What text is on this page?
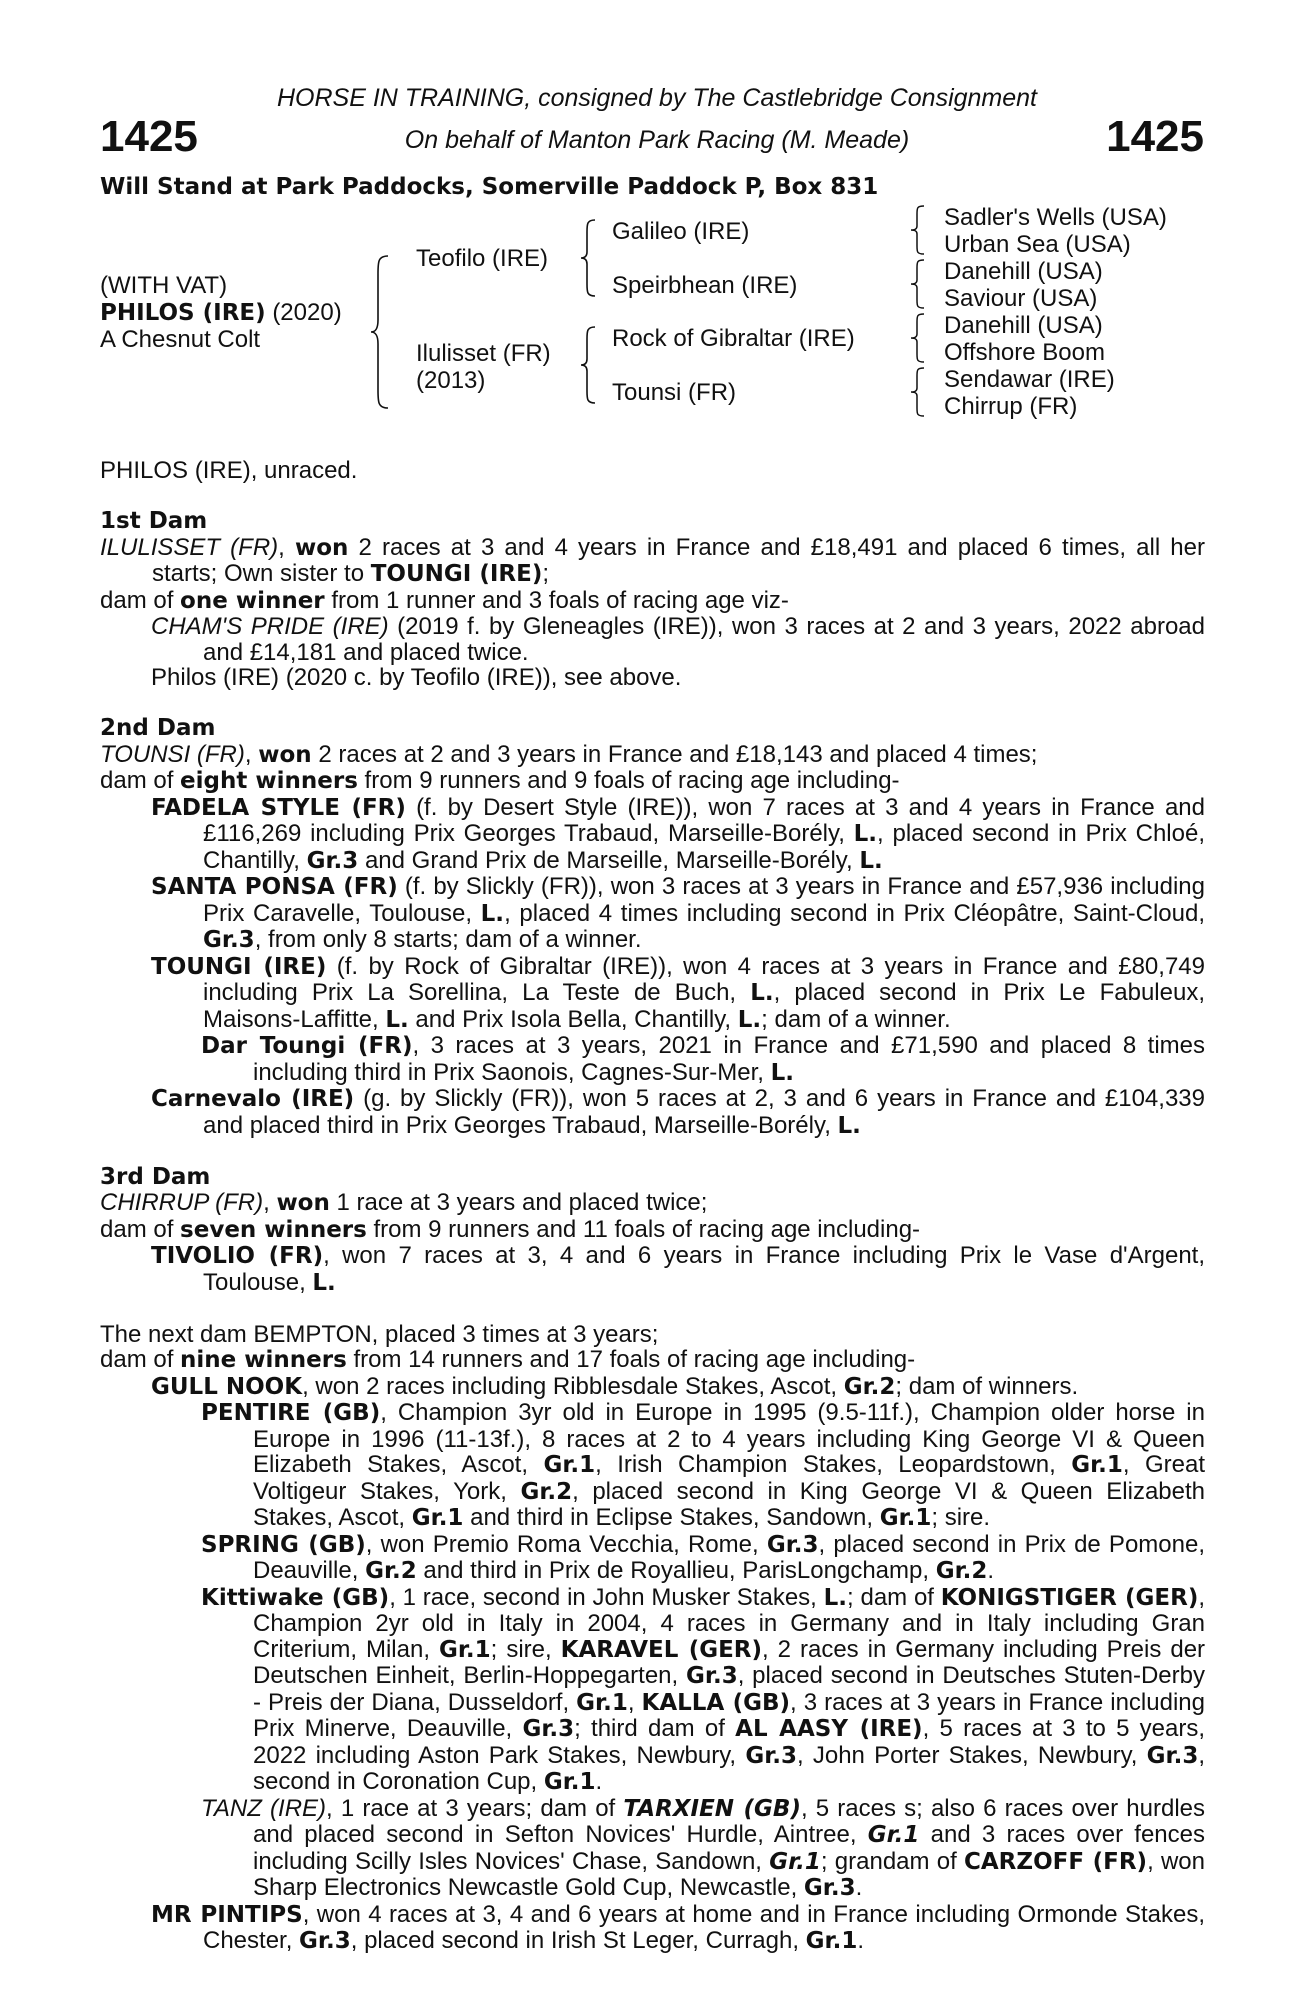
HORSE IN TRAINING, consigned by The Castlebridge Consignment
On behalf of Manton Park Racing (M. Meade)
1425	1425
Will Stand at Park Paddocks, Somerville Paddock P, Box 831
(WITH VAT)
PHILOS (IRE) (2020)
A Chesnut Colt
Teofilo (IRE)
Ilulisset (FR)
(2013)
Galileo (IRE)
Speirbhean (IRE)
Rock of Gibraltar (IRE)
Tounsi (FR)
Sadler's Wells (USA)
Urban Sea (USA)
Danehill (USA)
Saviour (USA)
Danehill (USA)
Offshore Boom
Sendawar (IRE)
Chirrup (FR)

PHILOS (IRE), unraced.

1st Dam

ILULISSET (FR), won 2 races at 3 and 4 years in France and £18,491 and placed 6 times, all her starts; Own sister to TOUNGI (IRE);

dam of one winner from 1 runner and 3 foals of racing age viz-

CHAM'S PRIDE (IRE) (2019 f. by Gleneagles (IRE)), won 3 races at 2 and 3 years, 2022 abroad and £14,181 and placed twice.

Philos (IRE) (2020 c. by Teofilo (IRE)), see above.

2nd Dam

TOUNSI (FR), won 2 races at 2 and 3 years in France and £18,143 and placed 4 times;

dam of eight winners from 9 runners and 9 foals of racing age including-

FADELA STYLE (FR) (f. by Desert Style (IRE)), won 7 races at 3 and 4 years in France and £116,269 including Prix Georges Trabaud, Marseille-Borély, L., placed second in Prix Chloé, Chantilly, Gr.3 and Grand Prix de Marseille, Marseille-Borély, L.

SANTA PONSA (FR) (f. by Slickly (FR)), won 3 races at 3 years in France and £57,936 including Prix Caravelle, Toulouse, L., placed 4 times including second in Prix Cléopâtre, Saint-Cloud, Gr.3, from only 8 starts; dam of a winner.

TOUNGI (IRE) (f. by Rock of Gibraltar (IRE)), won 4 races at 3 years in France and £80,749 including Prix La Sorellina, La Teste de Buch, L., placed second in Prix Le Fabuleux, Maisons-Laffitte, L. and Prix Isola Bella, Chantilly, L.; dam of a winner.

Dar Toungi (FR), 3 races at 3 years, 2021 in France and £71,590 and placed 8 times including third in Prix Saonois, Cagnes-Sur-Mer, L.

Carnevalo (IRE) (g. by Slickly (FR)), won 5 races at 2, 3 and 6 years in France and £104,339 and placed third in Prix Georges Trabaud, Marseille-Borély, L.

3rd Dam

CHIRRUP (FR), won 1 race at 3 years and placed twice;

dam of seven winners from 9 runners and 11 foals of racing age including-

TIVOLIO (FR), won 7 races at 3, 4 and 6 years in France including Prix le Vase d'Argent, Toulouse, L.

The next dam BEMPTON, placed 3 times at 3 years;

dam of nine winners from 14 runners and 17 foals of racing age including-

GULL NOOK, won 2 races including Ribblesdale Stakes, Ascot, Gr.2; dam of winners.

PENTIRE (GB), Champion 3yr old in Europe in 1995 (9.5-11f.), Champion older horse in Europe in 1996 (11-13f.), 8 races at 2 to 4 years including King George VI & Queen Elizabeth Stakes, Ascot, Gr.1, Irish Champion Stakes, Leopardstown, Gr.1, Great Voltigeur Stakes, York, Gr.2, placed second in King George VI & Queen Elizabeth Stakes, Ascot, Gr.1 and third in Eclipse Stakes, Sandown, Gr.1; sire.

SPRING (GB), won Premio Roma Vecchia, Rome, Gr.3, placed second in Prix de Pomone, Deauville, Gr.2 and third in Prix de Royallieu, ParisLongchamp, Gr.2.

Kittiwake (GB), 1 race, second in John Musker Stakes, L.; dam of KONIGSTIGER (GER), Champion 2yr old in Italy in 2004, 4 races in Germany and in Italy including Gran Criterium, Milan, Gr.1; sire, KARAVEL (GER), 2 races in Germany including Preis der Deutschen Einheit, Berlin-Hoppegarten, Gr.3, placed second in Deutsches Stuten-Derby - Preis der Diana, Dusseldorf, Gr.1, KALLA (GB), 3 races at 3 years in France including Prix Minerve, Deauville, Gr.3; third dam of AL AASY (IRE), 5 races at 3 to 5 years, 2022 including Aston Park Stakes, Newbury, Gr.3, John Porter Stakes, Newbury, Gr.3, second in Coronation Cup, Gr.1.

TANZ (IRE), 1 race at 3 years; dam of TARXIEN (GB), 5 races s; also 6 races over hurdles and placed second in Sefton Novices' Hurdle, Aintree, Gr.1 and 3 races over fences including Scilly Isles Novices' Chase, Sandown, Gr.1; grandam of CARZOFF (FR), won Sharp Electronics Newcastle Gold Cup, Newcastle, Gr.3.

MR PINTIPS, won 4 races at 3, 4 and 6 years at home and in France including Ormonde Stakes, Chester, Gr.3, placed second in Irish St Leger, Curragh, Gr.1.
